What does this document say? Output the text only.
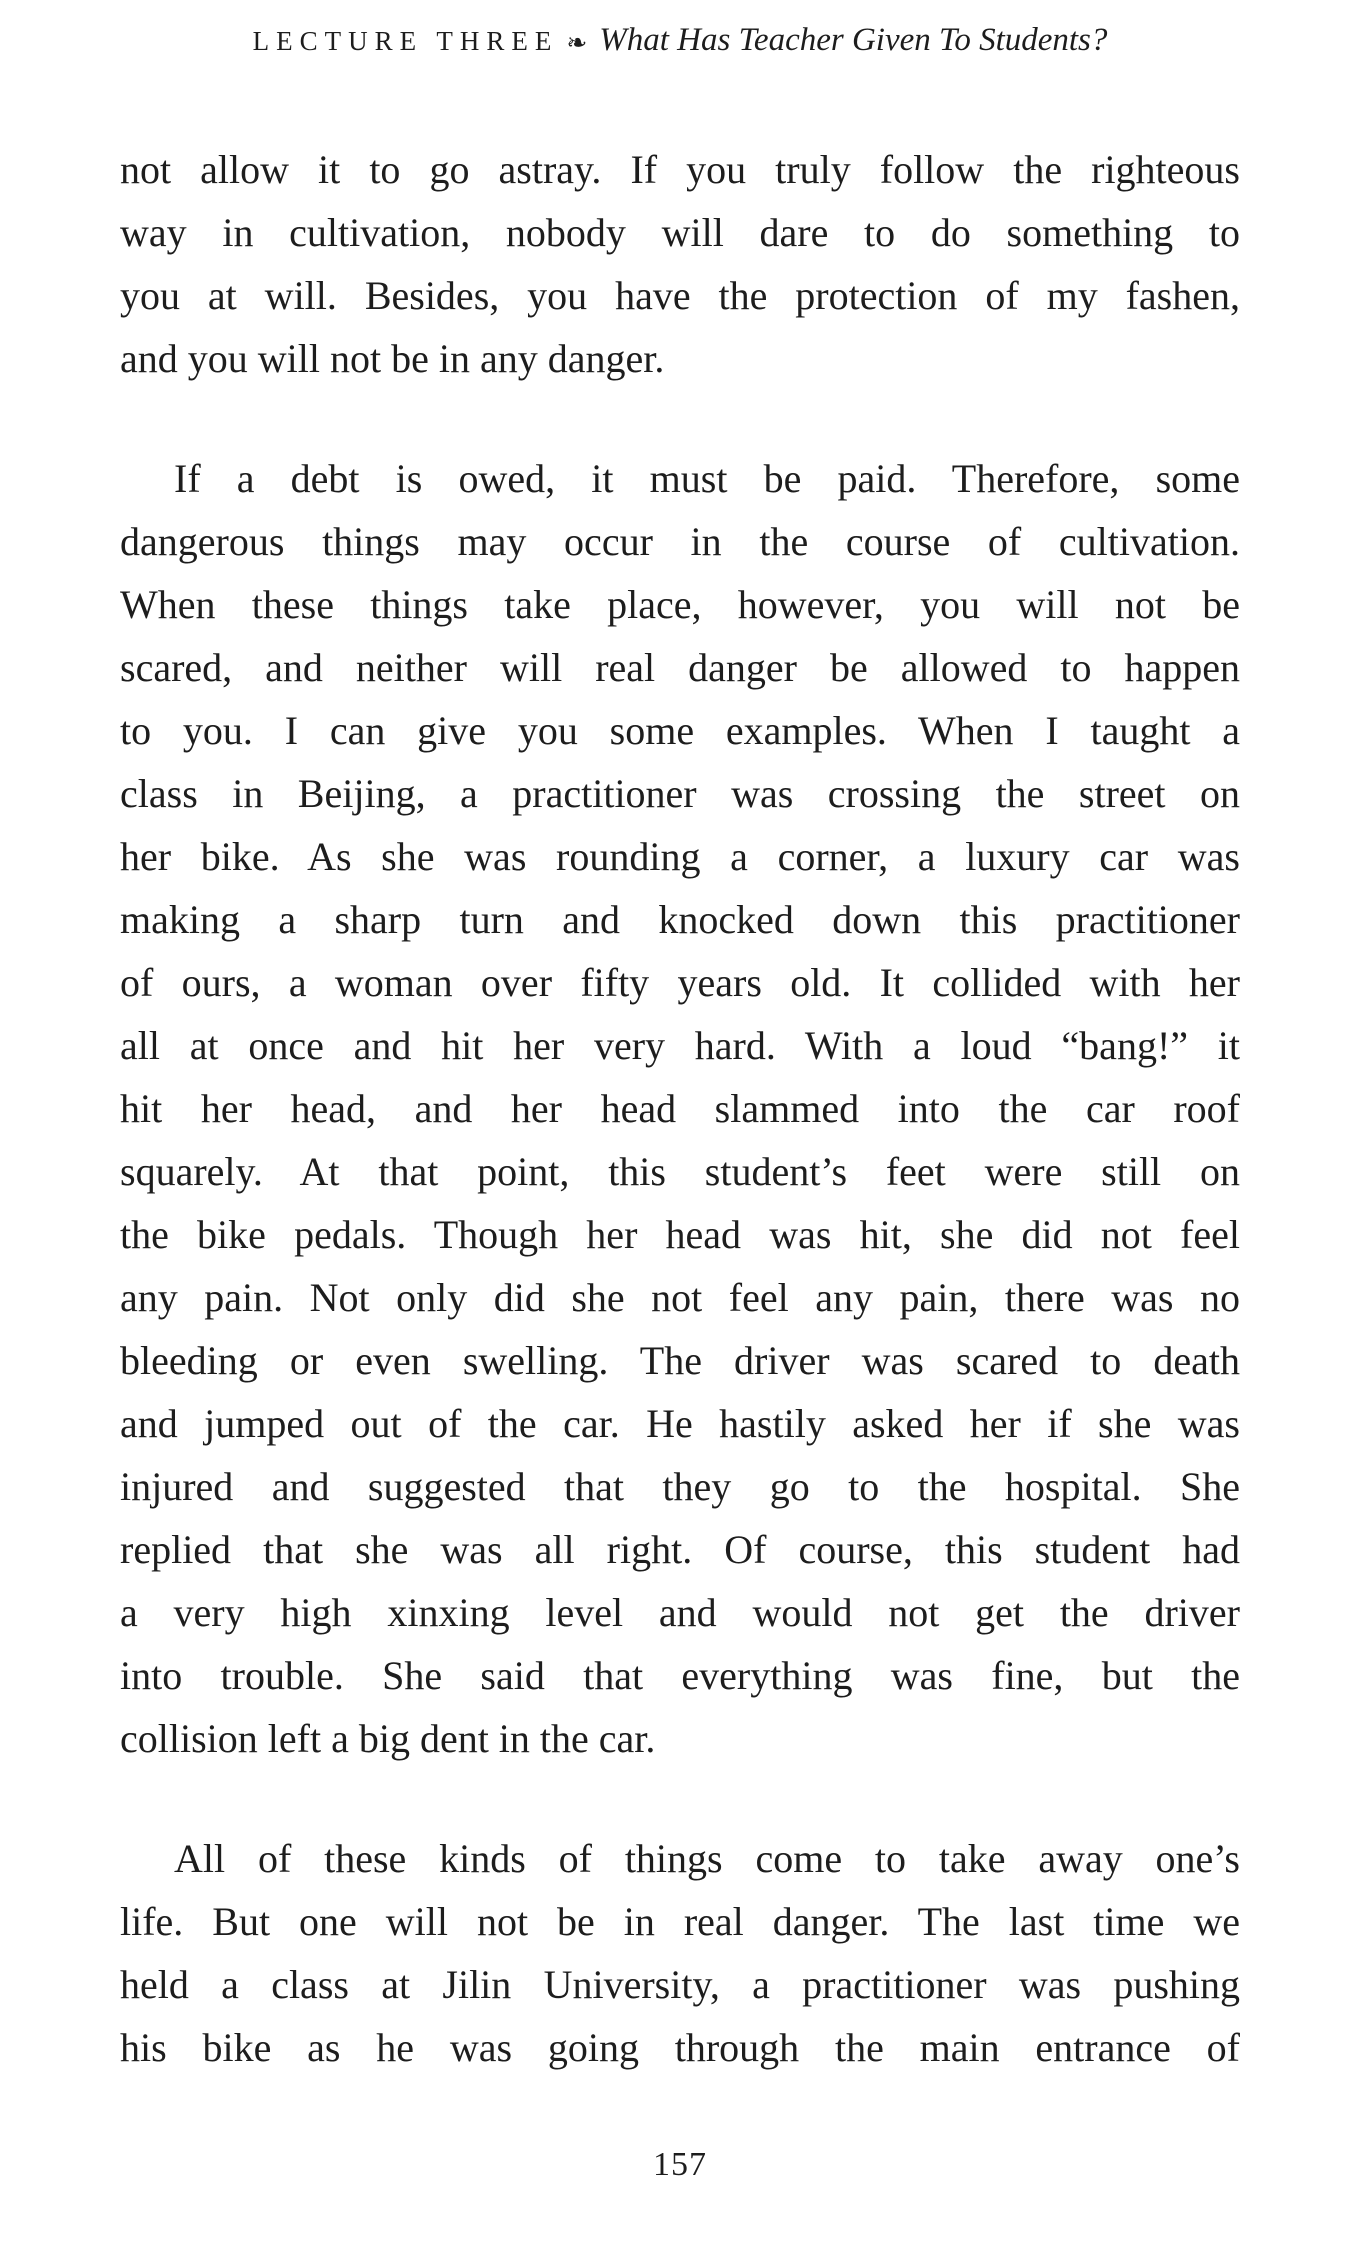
LECTURE THREE ❧ What Has Teacher Given To Students?
not allow it to go astray. If you truly follow the righteous
way in cultivation, nobody will dare to do something to
you at will. Besides, you have the protection of my fashen,
and you will not be in any danger.
If a debt is owed, it must be paid. Therefore, some
dangerous things may occur in the course of cultivation.
When these things take place, however, you will not be
scared, and neither will real danger be allowed to happen
to you. I can give you some examples. When I taught a
class in Beijing, a practitioner was crossing the street on
her bike. As she was rounding a corner, a luxury car was
making a sharp turn and knocked down this practitioner
of ours, a woman over fifty years old. It collided with her
all at once and hit her very hard. With a loud “bang!” it
hit her head, and her head slammed into the car roof
squarely. At that point, this student’s feet were still on
the bike pedals. Though her head was hit, she did not feel
any pain. Not only did she not feel any pain, there was no
bleeding or even swelling. The driver was scared to death
and jumped out of the car. He hastily asked her if she was
injured and suggested that they go to the hospital. She
replied that she was all right. Of course, this student had
a very high xinxing level and would not get the driver
into trouble. She said that everything was fine, but the
collision left a big dent in the car.
All of these kinds of things come to take away one’s
life. But one will not be in real danger. The last time we
held a class at Jilin University, a practitioner was pushing
his bike as he was going through the main entrance of
157
